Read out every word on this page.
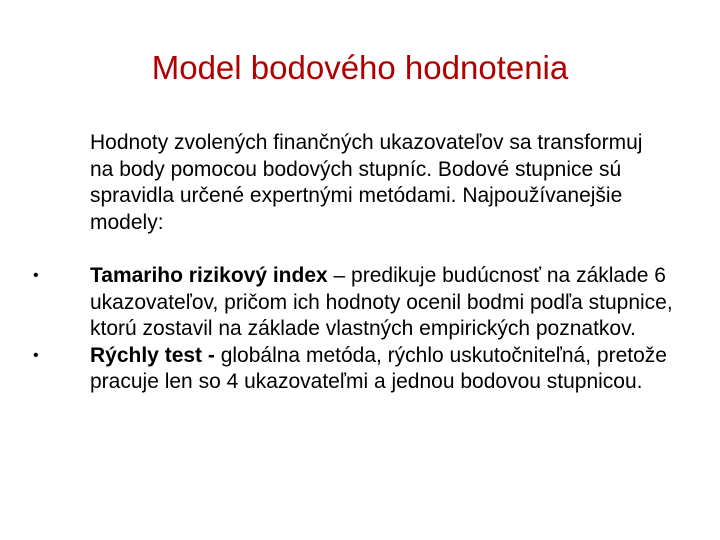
Model bodového hodnotenia

Hodnoty zvolených finančných ukazovateľov sa transformuj na body pomocou bodových stupníc. Bodové stupnice sú spravidla určené expertnými metódami. Najpoužívanejšie modely:

•	Tamariho rizikový index – predikuje budúcnosť na základe 6 ukazovateľov, pričom ich hodnoty ocenil bodmi podľa stupnice, ktorú zostavil na základe vlastných empirických poznatkov.
•	Rýchly test - globálna metóda, rýchlo uskutočniteľná, pretože pracuje len so 4 ukazovateľmi a jednou bodovou stupnicou.
